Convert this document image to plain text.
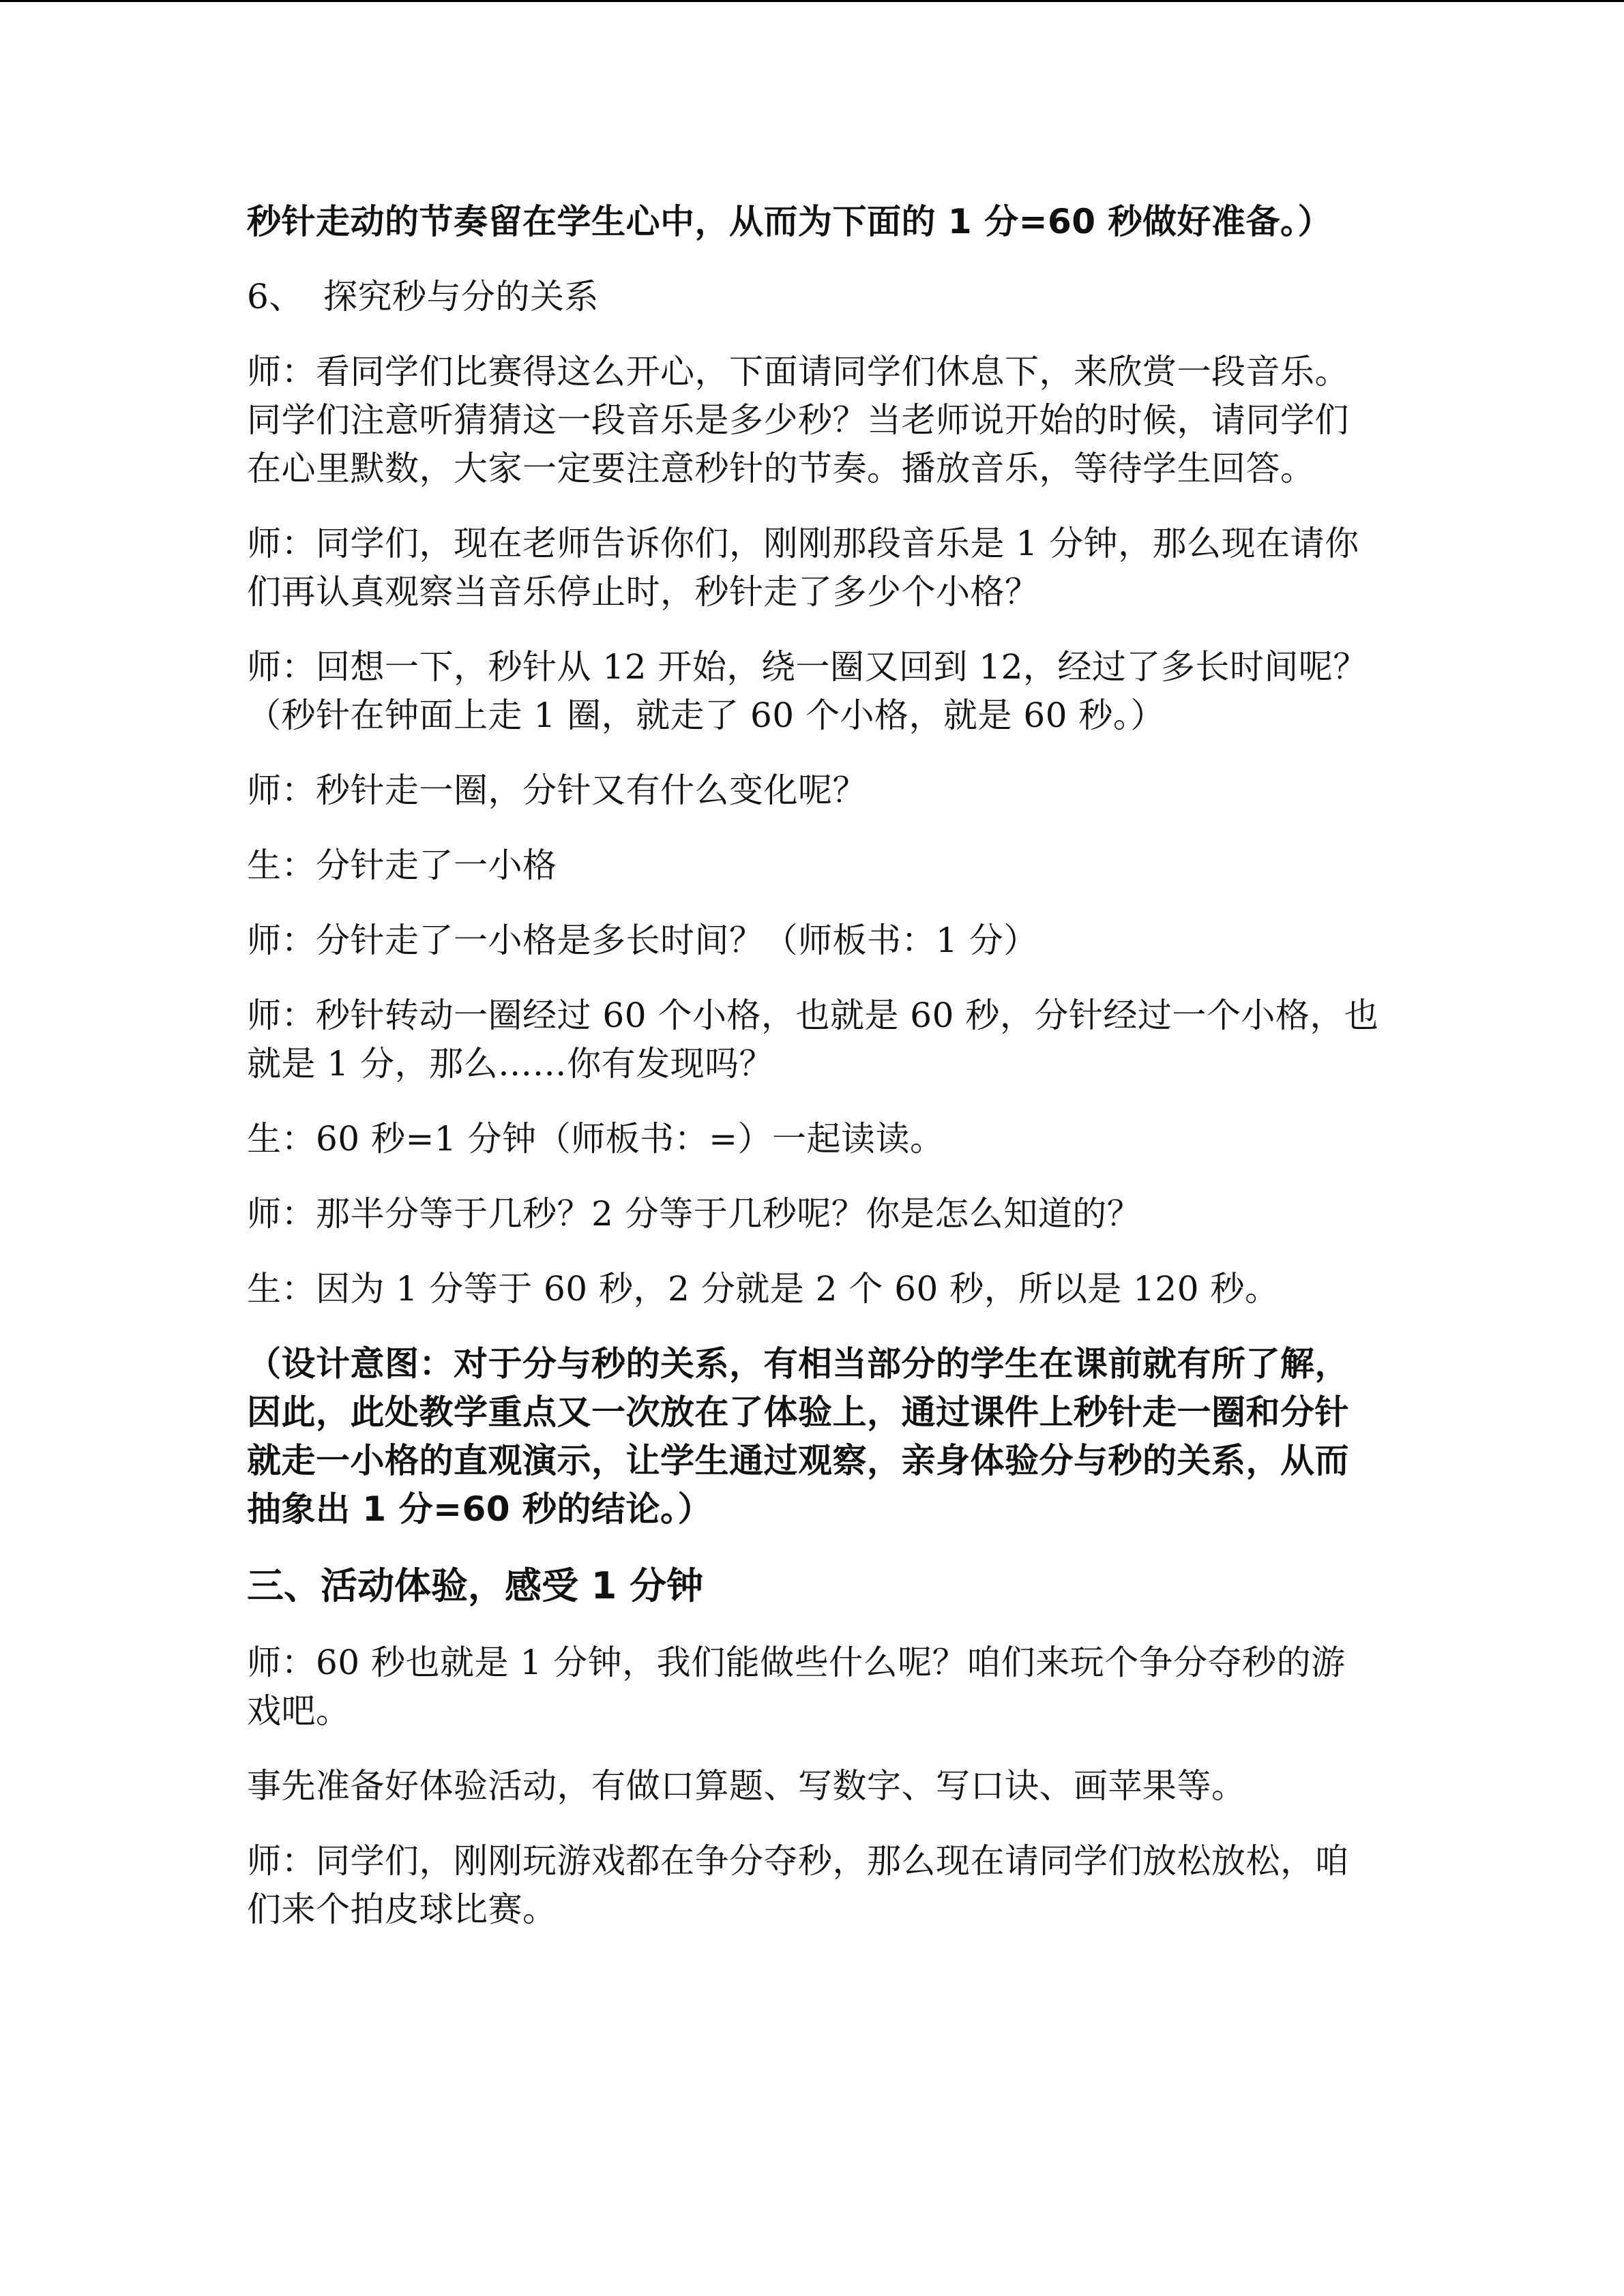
秒针走动的节奏留在学生心中，从而为下面的 1 分=60 秒做好准备。）

6、 探究秒与分的关系

师：看同学们比赛得这么开心，下面请同学们休息下，来欣赏一段音乐。同学们注意听猜猜这一段音乐是多少秒？当老师说开始的时候，请同学们在心里默数，大家一定要注意秒针的节奏。播放音乐，等待学生回答。

师：同学们，现在老师告诉你们，刚刚那段音乐是 1 分钟，那么现在请你们再认真观察当音乐停止时，秒针走了多少个小格？

师：回想一下，秒针从 12 开始，绕一圈又回到 12，经过了多长时间呢？（秒针在钟面上走 1 圈，就走了 60 个小格，就是 60 秒。）

师：秒针走一圈，分针又有什么变化呢？

生：分针走了一小格

师：分针走了一小格是多长时间？（师板书：1 分）

师：秒针转动一圈经过 60 个小格，也就是 60 秒，分针经过一个小格，也就是 1 分，那么……你有发现吗？

生：60 秒=1 分钟（师板书：=）一起读读。

师：那半分等于几秒？2 分等于几秒呢？你是怎么知道的？

生：因为 1 分等于 60 秒，2 分就是 2 个 60 秒，所以是 120 秒。

（设计意图：对于分与秒的关系，有相当部分的学生在课前就有所了解，因此，此处教学重点又一次放在了体验上，通过课件上秒针走一圈和分针就走一小格的直观演示，让学生通过观察，亲身体验分与秒的关系，从而抽象出 1 分=60 秒的结论。）

三、活动体验，感受 1 分钟

师：60 秒也就是 1 分钟，我们能做些什么呢？咱们来玩个争分夺秒的游戏吧。

事先准备好体验活动，有做口算题、写数字、写口诀、画苹果等。

师：同学们，刚刚玩游戏都在争分夺秒，那么现在请同学们放松放松，咱们来个拍皮球比赛。
